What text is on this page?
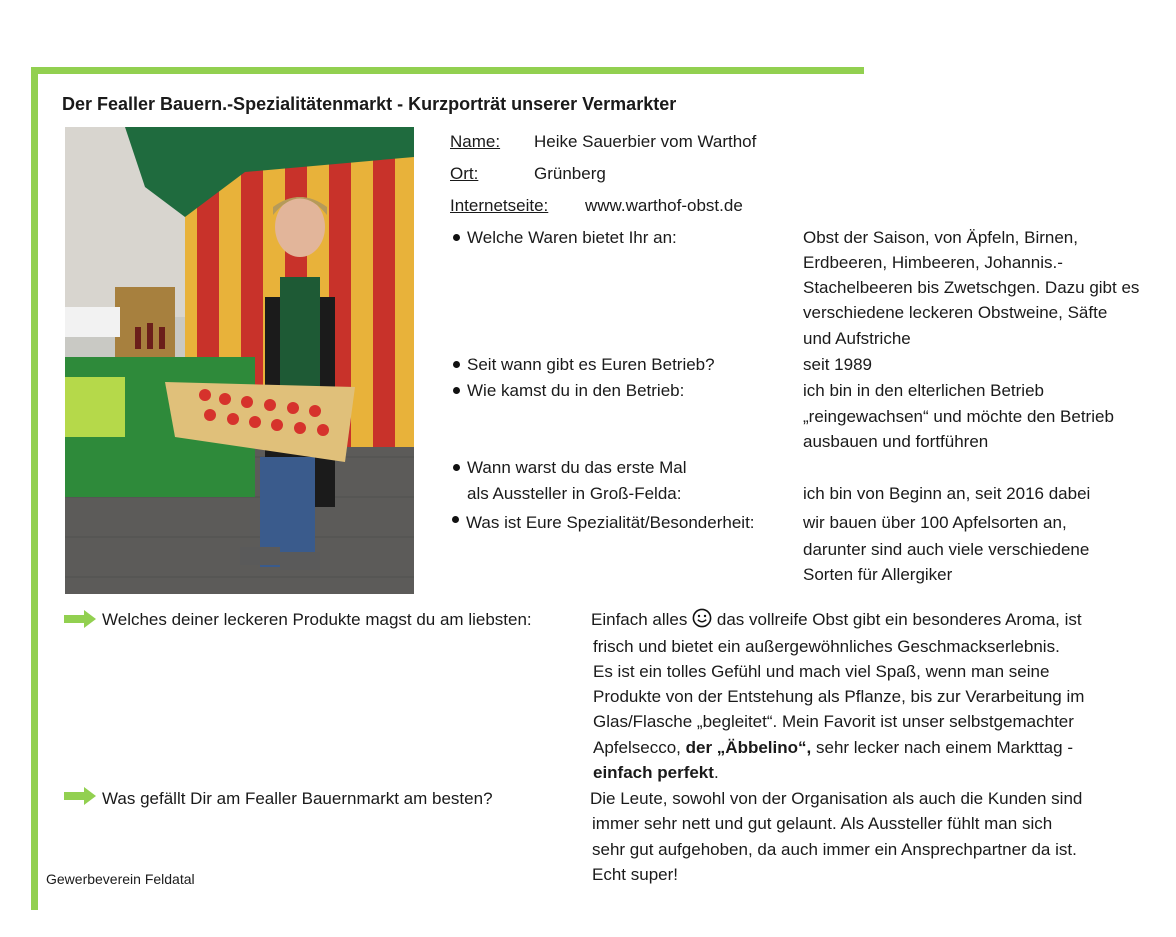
Der Fealler Bauern.-Spezialitätenmarkt - Kurzporträt unserer Vermarkter
Name: Heike Sauerbier vom Warthof
Ort:	Grünberg
Internetseite: www.warthof-obst.de
Welche Waren bietet Ihr an:	Obst der Saison, von Äpfeln, Birnen,
Erdbeeren, Himbeeren, Johannis.-
Stachelbeeren bis Zwetschgen. Dazu gibt es
verschiedene leckeren Obstweine, Säfte
und Aufstriche
Seit wann gibt es Euren Betrieb?	seit 1989
Wie kamst du in den Betrieb:	ich bin in den elterlichen Betrieb
„reingewachsen“ und möchte den Betrieb
ausbauen und fortführen
Wann warst du das erste Mal
als Aussteller in Groß-Felda:	ich bin von Beginn an, seit 2016 dabei
Was ist Eure Spezialität/Besonderheit:	wir bauen über 100 Apfelsorten an,
darunter sind auch viele verschiedene
Sorten für Allergiker
Welches deiner leckeren Produkte magst du am liebsten:	Einfach alles das vollreife Obst gibt ein besonderes Aroma, ist
frisch und bietet ein außergewöhnliches Geschmackserlebnis.
Es ist ein tolles Gefühl und mach viel Spaß, wenn man seine
Produkte von der Entstehung als Pflanze, bis zur Verarbeitung im
Glas/Flasche „begleitet“. Mein Favorit ist unser selbstgemachter
Apfelsecco, der „Äbbelino“, sehr lecker nach einem Markttag -
einfach perfekt.
Was gefällt Dir am Fealler Bauernmarkt am besten?	Die Leute, sowohl von der Organisation als auch die Kunden sind
immer sehr nett und gut gelaunt. Als Aussteller fühlt man sich
sehr gut aufgehoben, da auch immer ein Ansprechpartner da ist.
Echt super!
Gewerbeverein Feldatal
